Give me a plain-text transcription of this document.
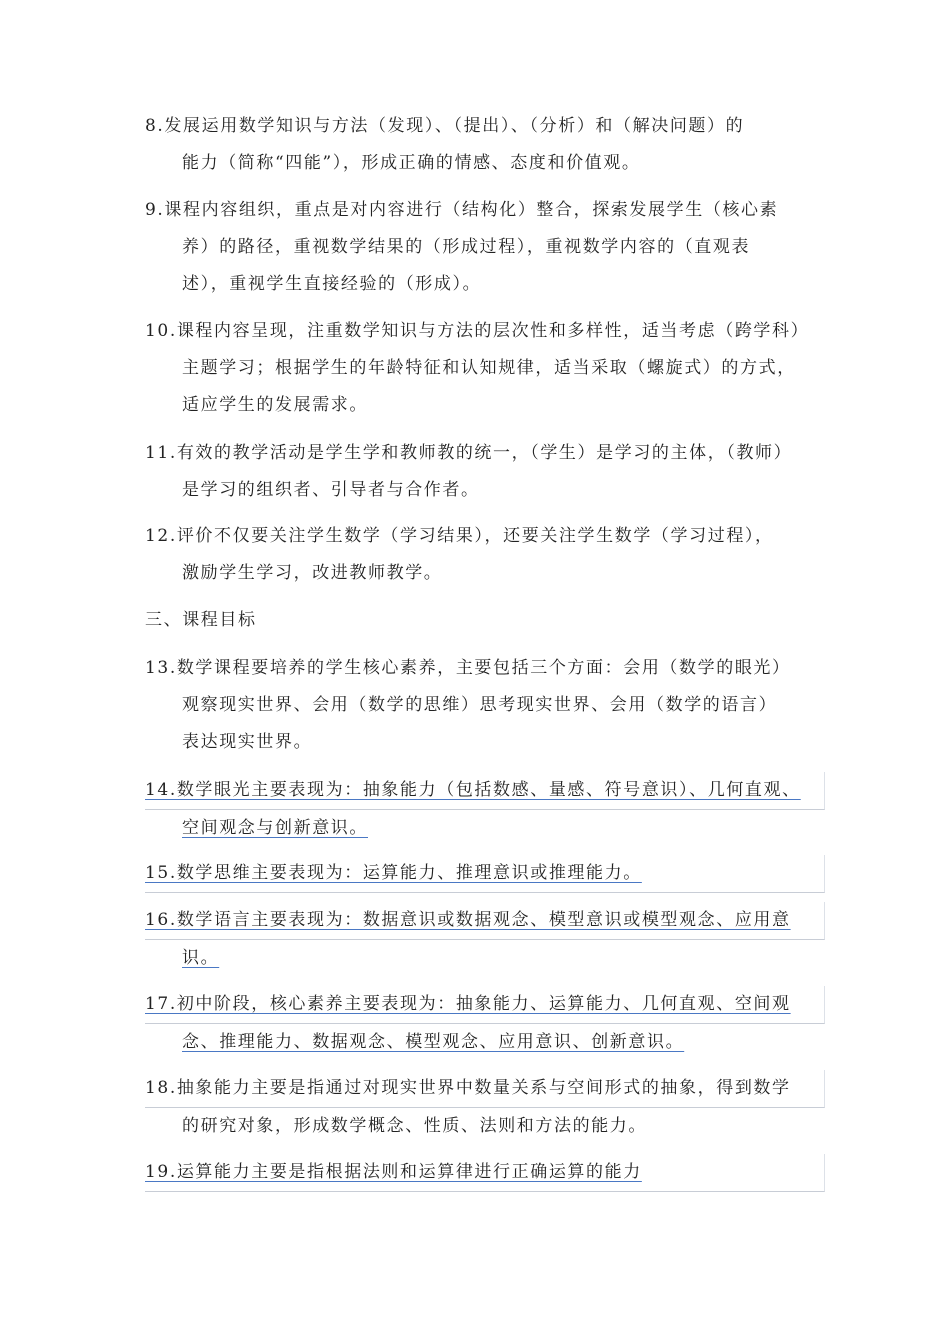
8.发展运用数学知识与方法（发现）、（提出）、（分析）和（解决问题）的
能力（简称“四能”），形成正确的情感、态度和价值观。
9.课程内容组织，重点是对内容进行（结构化）整合，探索发展学生（核心素
养）的路径，重视数学结果的（形成过程），重视数学内容的（直观表
述），重视学生直接经验的（形成）。
10.课程内容呈现，注重数学知识与方法的层次性和多样性，适当考虑（跨学科）
主题学习；根据学生的年龄特征和认知规律，适当采取（螺旋式）的方式，
适应学生的发展需求。
11.有效的教学活动是学生学和教师教的统一，（学生）是学习的主体，（教师）
是学习的组织者、引导者与合作者。
12.评价不仅要关注学生数学（学习结果），还要关注学生数学（学习过程），
激励学生学习，改进教师教学。
三、课程目标
13.数学课程要培养的学生核心素养，主要包括三个方面：会用（数学的眼光）
观察现实世界、会用（数学的思维）思考现实世界、会用（数学的语言）
表达现实世界。
14.数学眼光主要表现为：抽象能力（包括数感、量感、符号意识）、几何直观、
空间观念与创新意识。
15.数学思维主要表现为：运算能力、推理意识或推理能力。
16.数学语言主要表现为：数据意识或数据观念、模型意识或模型观念、应用意
识。
17.初中阶段，核心素养主要表现为：抽象能力、运算能力、几何直观、空间观
念、推理能力、数据观念、模型观念、应用意识、创新意识。
18.抽象能力主要是指通过对现实世界中数量关系与空间形式的抽象，得到数学
的研究对象，形成数学概念、性质、法则和方法的能力。
19.运算能力主要是指根据法则和运算律进行正确运算的能力
